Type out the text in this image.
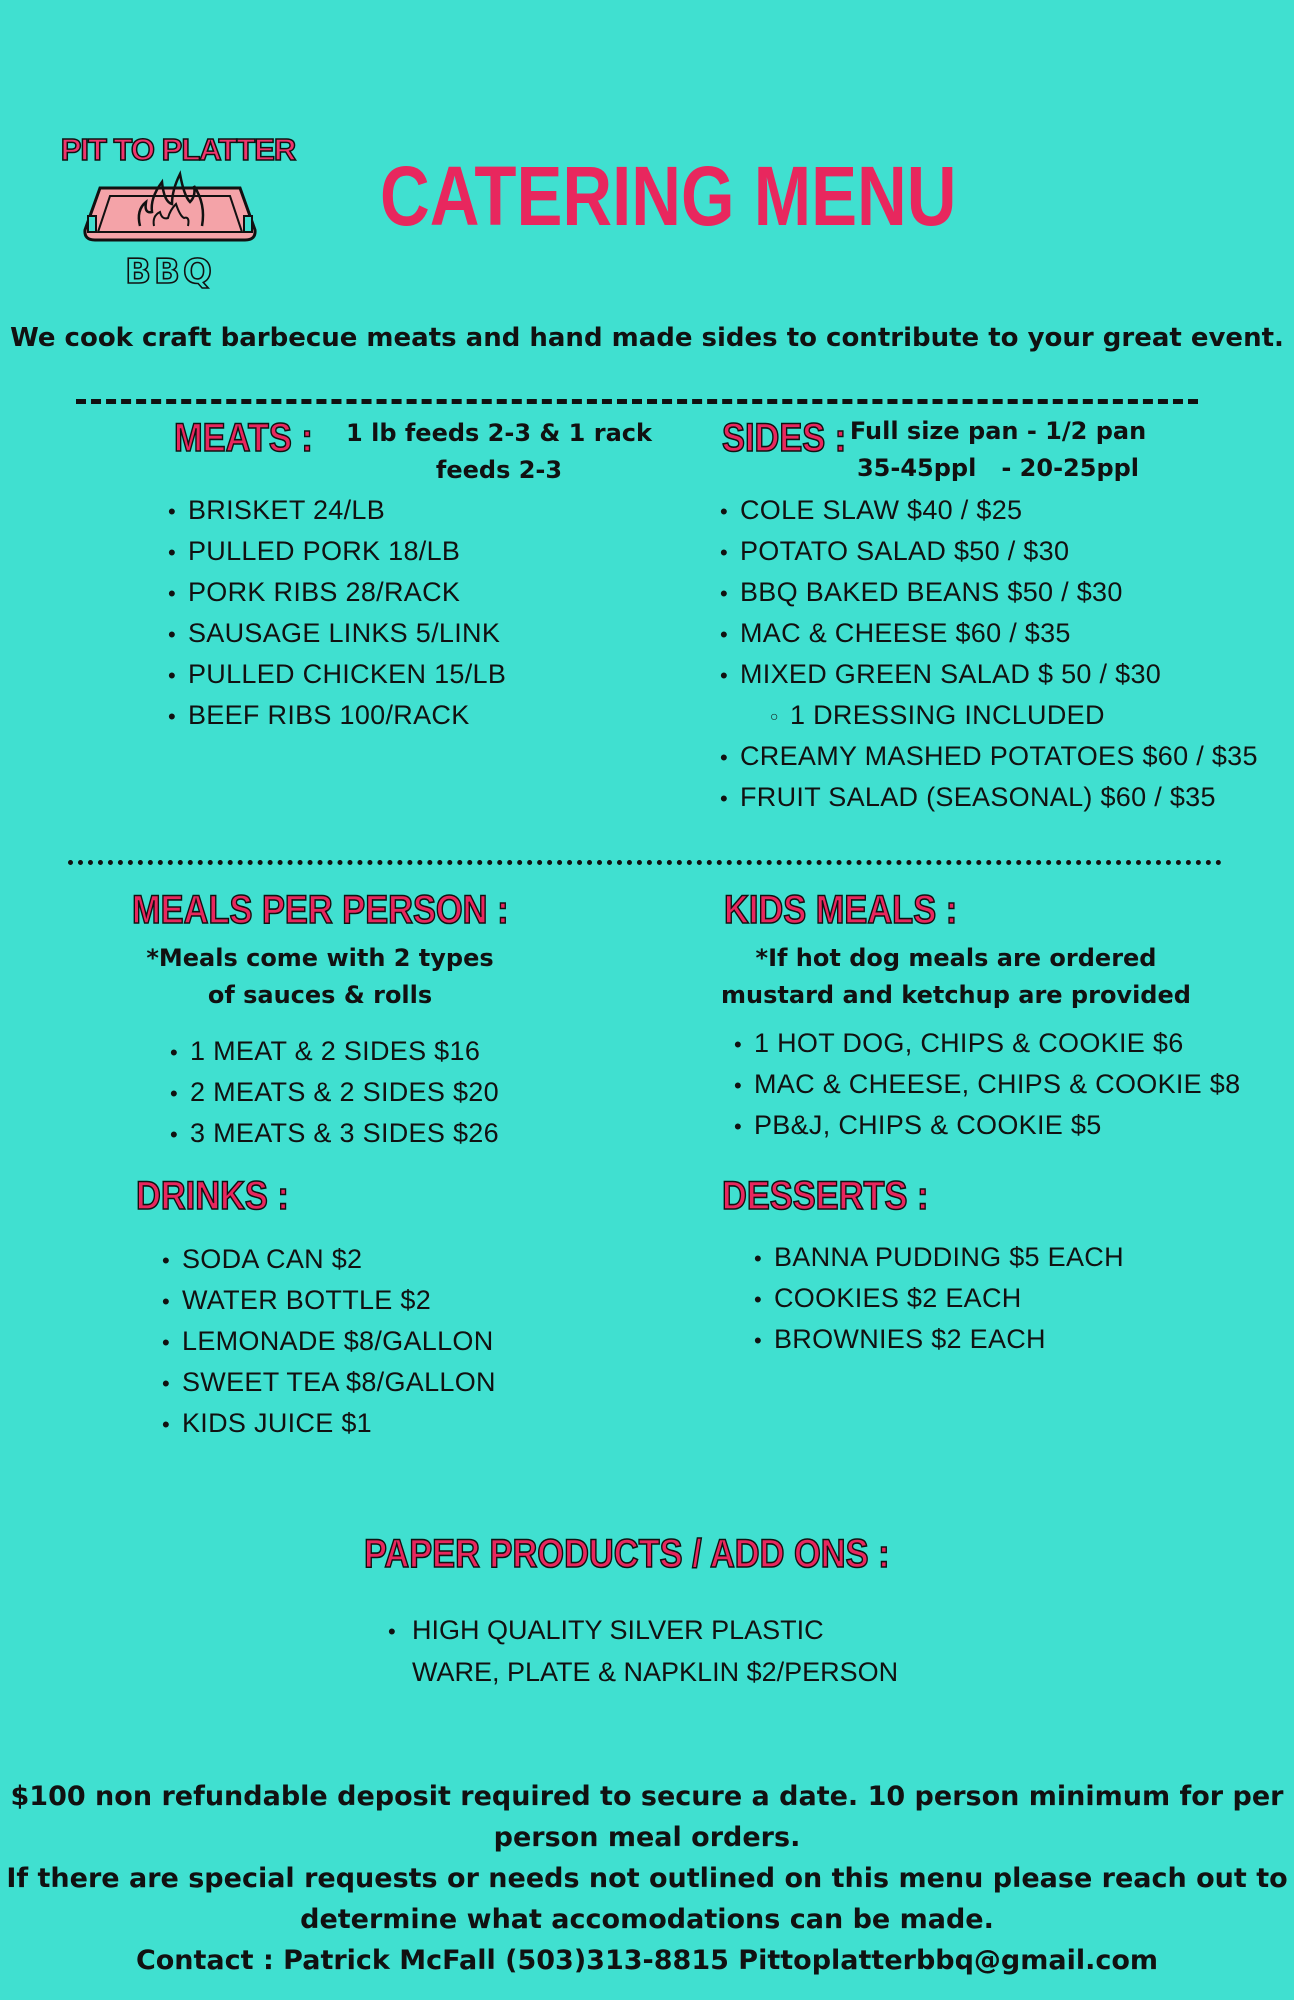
PIT TO PLATTER
BBQ
CATERING MENU
We cook craft barbecue meats and hand made sides to contribute to your great event.
MEATS : 1 lb feeds 2-3 & 1 rack
feeds 2-3
• BRISKET 24/LB
• PULLED PORK 18/LB
• PORK RIBS 28/RACK
• SAUSAGE LINKS 5/LINK
• PULLED CHICKEN 15/LB
• BEEF RIBS 100/RACK
SIDES : Full size pan - 1/2 pan
35-45ppl   - 20-25ppl
• COLE SLAW $40 / $25
• POTATO SALAD $50 / $30
• BBQ BAKED BEANS $50 / $30
• MAC & CHEESE $60 / $35
• MIXED GREEN SALAD $ 50 / $30
○ 1 DRESSING INCLUDED
• CREAMY MASHED POTATOES $60 / $35
• FRUIT SALAD (SEASONAL) $60 / $35
MEALS PER PERSON :
*Meals come with 2 types
of sauces & rolls
• 1 MEAT & 2 SIDES $16
• 2 MEATS & 2 SIDES $20
• 3 MEATS & 3 SIDES $26
KIDS MEALS :
*If hot dog meals are ordered
mustard and ketchup are provided
• 1 HOT DOG, CHIPS & COOKIE $6
• MAC & CHEESE, CHIPS & COOKIE $8
• PB&J, CHIPS & COOKIE $5
DRINKS :
• SODA CAN $2
• WATER BOTTLE $2
• LEMONADE $8/GALLON
• SWEET TEA $8/GALLON
• KIDS JUICE $1
DESSERTS :
• BANNA PUDDING $5 EACH
• COOKIES $2 EACH
• BROWNIES $2 EACH
PAPER PRODUCTS / ADD ONS :
• HIGH QUALITY SILVER PLASTIC
WARE, PLATE & NAPKLIN $2/PERSON
$100 non refundable deposit required to secure a date. 10 person minimum for per
person meal orders.
If there are special requests or needs not outlined on this menu please reach out to
determine what accomodations can be made.
Contact : Patrick McFall (503)313-8815 Pittoplatterbbq@gmail.com
